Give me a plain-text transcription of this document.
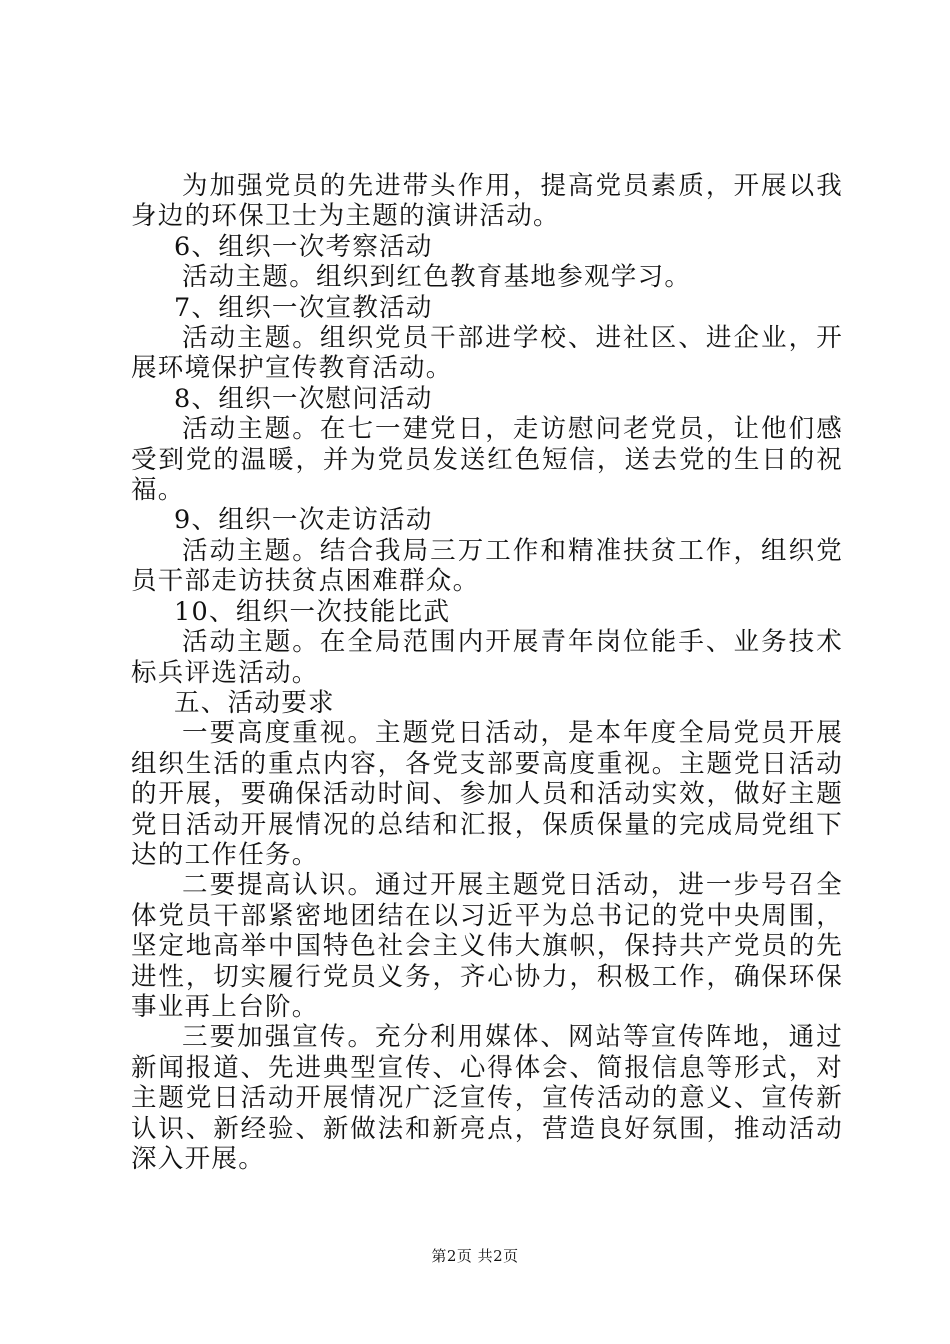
为加强党员的先进带头作用，提高党员素质，开展以我身边的环保卫士为主题的演讲活动。

6、组织一次考察活动

活动主题。组织到红色教育基地参观学习。

7、组织一次宣教活动

活动主题。组织党员干部进学校、进社区、进企业，开展环境保护宣传教育活动。

8、组织一次慰问活动

活动主题。在七一建党日，走访慰问老党员，让他们感受到党的温暖，并为党员发送红色短信，送去党的生日的祝福。

9、组织一次走访活动

活动主题。结合我局三万工作和精准扶贫工作，组织党员干部走访扶贫点困难群众。

10、组织一次技能比武

活动主题。在全局范围内开展青年岗位能手、业务技术标兵评选活动。

五、活动要求

一要高度重视。主题党日活动，是本年度全局党员开展组织生活的重点内容，各党支部要高度重视。主题党日活动的开展，要确保活动时间、参加人员和活动实效，做好主题党日活动开展情况的总结和汇报，保质保量的完成局党组下达的工作任务。

二要提高认识。通过开展主题党日活动，进一步号召全体党员干部紧密地团结在以习近平为总书记的党中央周围，坚定地高举中国特色社会主义伟大旗帜，保持共产党员的先进性，切实履行党员义务，齐心协力，积极工作，确保环保事业再上台阶。

三要加强宣传。充分利用媒体、网站等宣传阵地，通过新闻报道、先进典型宣传、心得体会、简报信息等形式，对主题党日活动开展情况广泛宣传，宣传活动的意义、宣传新认识、新经验、新做法和新亮点，营造良好氛围，推动活动深入开展。

第2页 共2页
